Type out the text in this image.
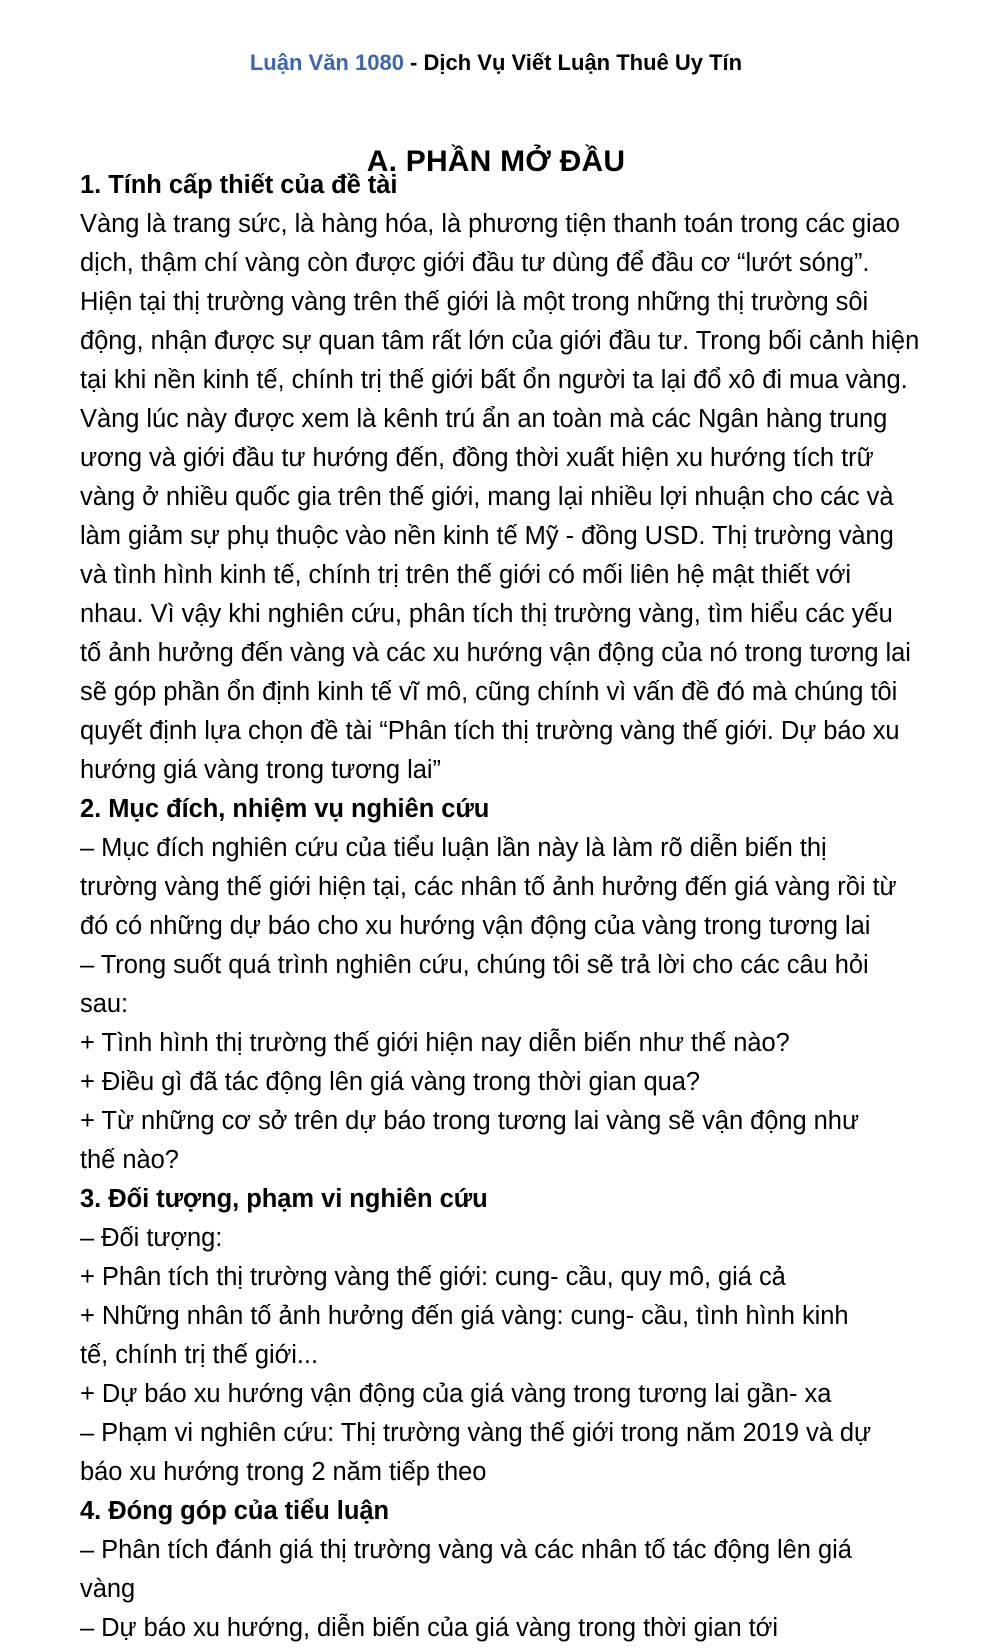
Luận Văn 1080 - Dịch Vụ Viết Luận Thuê Uy Tín
A. PHẦN MỞ ĐẦU
1. Tính cấp thiết của đề tài
Vàng là trang sức, là hàng hóa, là phương tiện thanh toán trong các giao
dịch, thậm chí vàng còn được giới đầu tư dùng để đầu cơ “lướt sóng”.
Hiện tại thị trường vàng trên thế giới là một trong những thị trường sôi
động, nhận được sự quan tâm rất lớn của giới đầu tư. Trong bối cảnh hiện
tại khi nền kinh tế, chính trị thế giới bất ổn người ta lại đổ xô đi mua vàng.
Vàng lúc này được xem là kênh trú ẩn an toàn mà các Ngân hàng trung
ương và giới đầu tư hướng đến, đồng thời xuất hiện xu hướng tích trữ
vàng ở nhiều quốc gia trên thế giới, mang lại nhiều lợi nhuận cho các và
làm giảm sự phụ thuộc vào nền kinh tế Mỹ - đồng USD. Thị trường vàng
và tình hình kinh tế, chính trị trên thế giới có mối liên hệ mật thiết với
nhau. Vì vậy khi nghiên cứu, phân tích thị trường vàng, tìm hiểu các yếu
tố ảnh hưởng đến vàng và các xu hướng vận động của nó trong tương lai
sẽ góp phần ổn định kinh tế vĩ mô, cũng chính vì vấn đề đó mà chúng tôi
quyết định lựa chọn đề tài “Phân tích thị trường vàng thế giới. Dự báo xu
hướng giá vàng trong tương lai”
2. Mục đích, nhiệm vụ nghiên cứu
– Mục đích nghiên cứu của tiểu luận lần này là làm rõ diễn biến thị
trường vàng thế giới hiện tại, các nhân tố ảnh hưởng đến giá vàng rồi từ
đó có những dự báo cho xu hướng vận động của vàng trong tương lai
– Trong suốt quá trình nghiên cứu, chúng tôi sẽ trả lời cho các câu hỏi
sau:
+ Tình hình thị trường thế giới hiện nay diễn biến như thế nào?
+ Điều gì đã tác động lên giá vàng trong thời gian qua?
+ Từ những cơ sở trên dự báo trong tương lai vàng sẽ vận động như
thế nào?
3. Đối tượng, phạm vi nghiên cứu
– Đối tượng:
+ Phân tích thị trường vàng thế giới: cung- cầu, quy mô, giá cả
+ Những nhân tố ảnh hưởng đến giá vàng: cung- cầu, tình hình kinh
tế, chính trị thế giới...
+ Dự báo xu hướng vận động của giá vàng trong tương lai gần- xa
– Phạm vi nghiên cứu: Thị trường vàng thế giới trong năm 2019 và dự
báo xu hướng trong 2 năm tiếp theo
4. Đóng góp của tiểu luận
– Phân tích đánh giá thị trường vàng và các nhân tố tác động lên giá
vàng
– Dự báo xu hướng, diễn biến của giá vàng trong thời gian tới
